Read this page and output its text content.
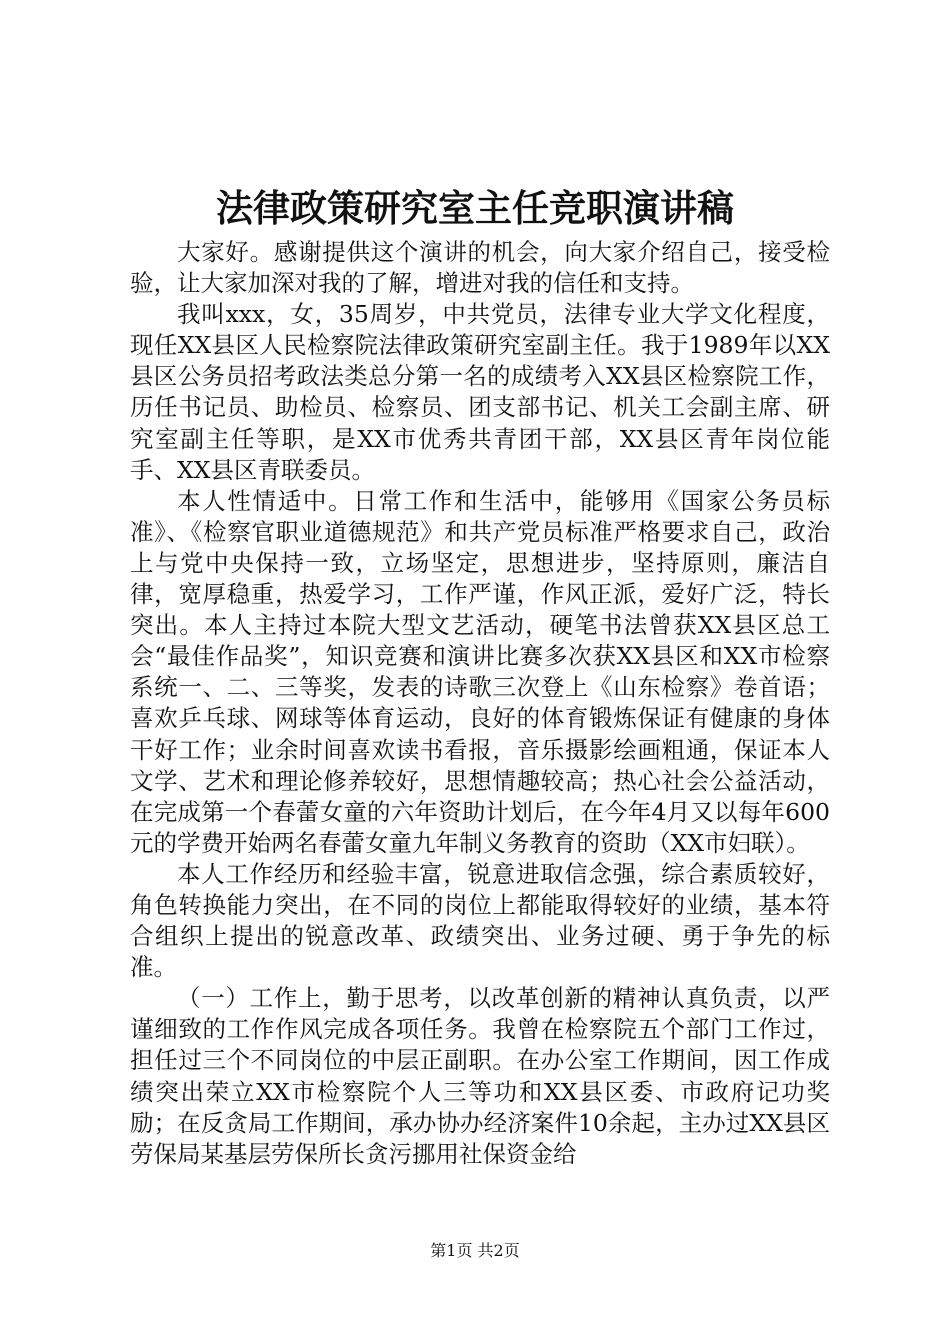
法律政策研究室主任竞职演讲稿

大家好。感谢提供这个演讲的机会，向大家介绍自己，接受检验，让大家加深对我的了解，增进对我的信任和支持。

我叫xxx，女，35周岁，中共党员，法律专业大学文化程度，现任XX县区人民检察院法律政策研究室副主任。我于1989年以XX县区公务员招考政法类总分第一名的成绩考入XX县区检察院工作，历任书记员、助检员、检察员、团支部书记、机关工会副主席、研究室副主任等职，是XX市优秀共青团干部，XX县区青年岗位能手、XX县区青联委员。

本人性情适中。日常工作和生活中，能够用《国家公务员标准》、《检察官职业道德规范》和共产党员标准严格要求自己，政治上与党中央保持一致，立场坚定，思想进步，坚持原则，廉洁自律，宽厚稳重，热爱学习，工作严谨，作风正派，爱好广泛，特长突出。本人主持过本院大型文艺活动，硬笔书法曾获XX县区总工会“最佳作品奖”，知识竞赛和演讲比赛多次获XX县区和XX市检察系统一、二、三等奖，发表的诗歌三次登上《山东检察》卷首语；喜欢乒乓球、网球等体育运动，良好的体育锻炼保证有健康的身体干好工作；业余时间喜欢读书看报，音乐摄影绘画粗通，保证本人文学、艺术和理论修养较好，思想情趣较高；热心社会公益活动，在完成第一个春蕾女童的六年资助计划后，在今年4月又以每年600元的学费开始两名春蕾女童九年制义务教育的资助（XX市妇联）。

本人工作经历和经验丰富，锐意进取信念强，综合素质较好，角色转换能力突出，在不同的岗位上都能取得较好的业绩，基本符合组织上提出的锐意改革、政绩突出、业务过硬、勇于争先的标准。

（一）工作上，勤于思考，以改革创新的精神认真负责，以严谨细致的工作作风完成各项任务。我曾在检察院五个部门工作过，担任过三个不同岗位的中层正副职。在办公室工作期间，因工作成绩突出荣立XX市检察院个人三等功和XX县区委、市政府记功奖励；在反贪局工作期间，承办协办经济案件10余起，主办过XX县区劳保局某基层劳保所长贪污挪用社保资金给

第1页 共2页
